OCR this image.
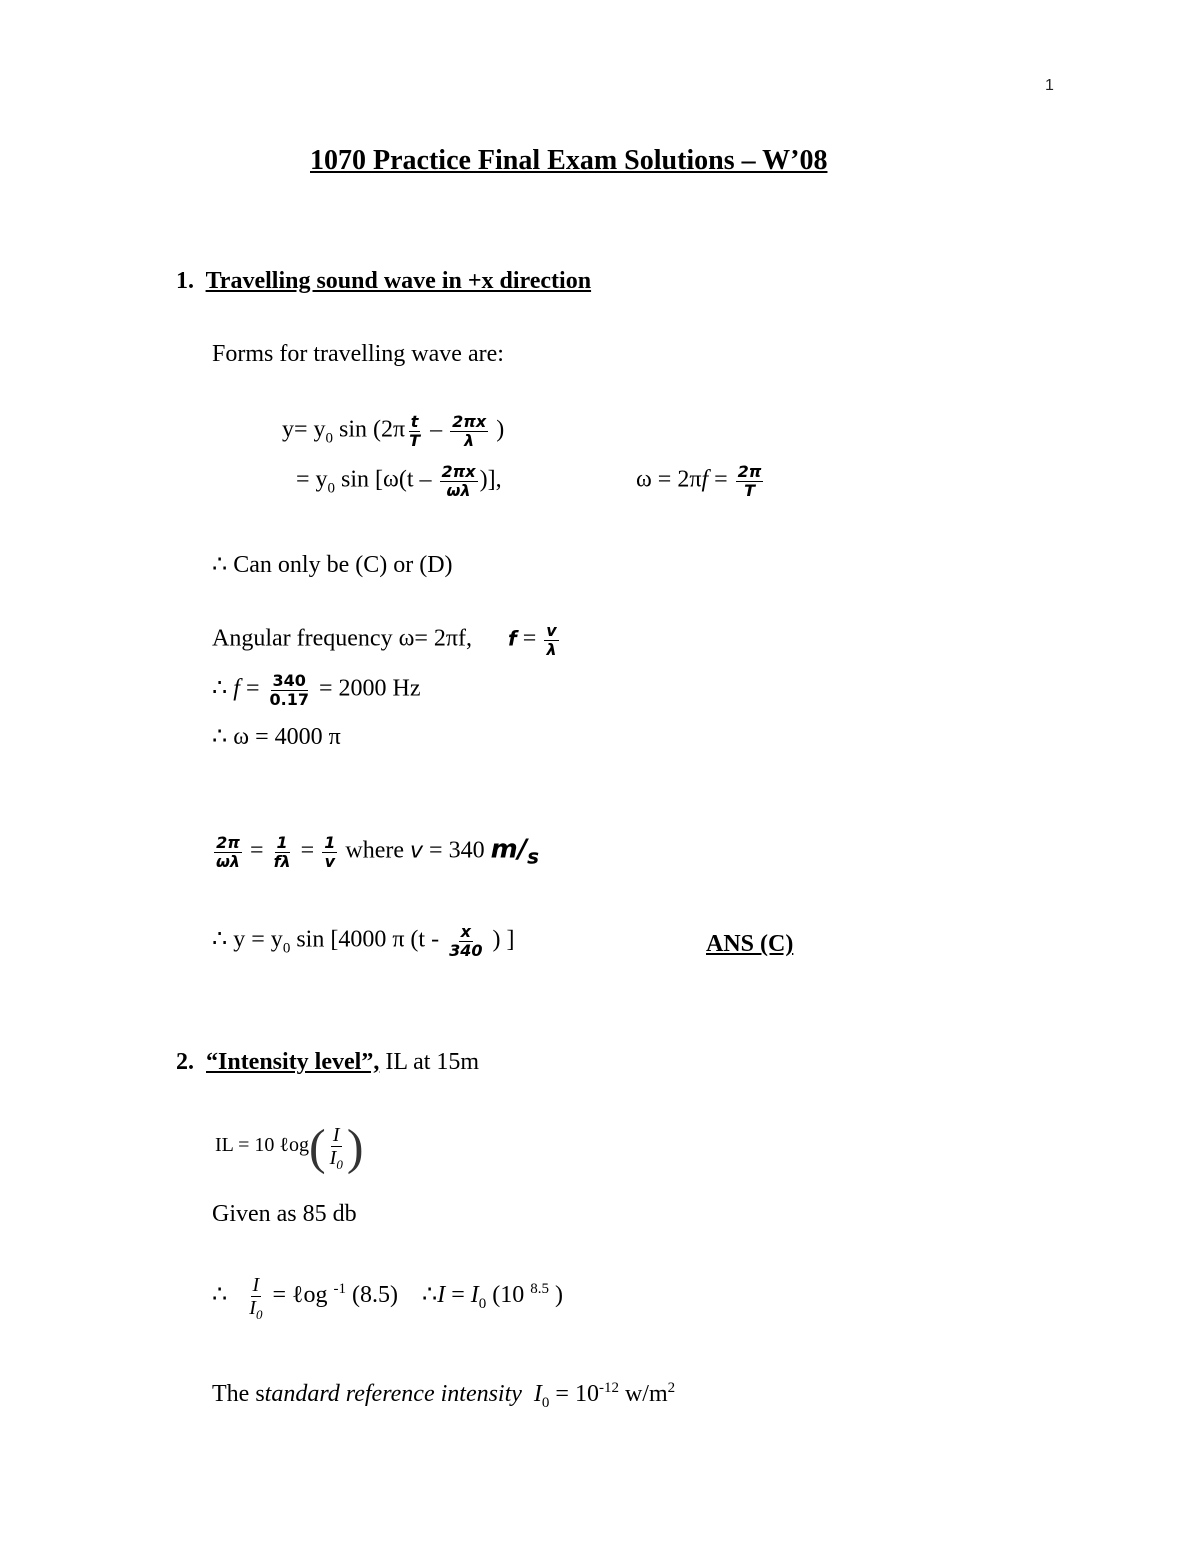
1
1070 Practice Final Exam Solutions – W’08
1. Travelling sound wave in +x direction
Forms for travelling wave are:
$y= y_0$ $\sin (2\pi \frac{t}{T} - \frac{2\pi x}{\lambda}$ )
= $y_0$ $\sin [\omega(t - \frac{2\pi x}{\omega\lambda}$ )],	$\omega = 2\pi f = \frac{2\pi}{T}$
∴ Can only be (C) or (D)
Angular frequency ω= 2πf, $f = \frac{v}{\lambda}$
∴ $f = \frac{340}{0.17} = 2000$ Hz
∴ ω = 4000 π
$\frac{2\pi}{\omega\lambda} = \frac{1}{f\lambda} = \frac{1}{v}$ where v = 340 $m/_s$
∴ $y = y_0$ sin [4000 π ($t - \frac{x}{340}$ ) ]	ANS (C)
2. “Intensity level”, IL at 15m
IL = 10 ℓog( $\frac{I}{I_0}$ )
Given as 85 db
∴ $\frac{I}{I_0}$ = ℓog $^{-1}$ (8.5) ∴I = $I_0$ (10 $^{8.5}$ )
The standard reference intensity $I_0 = 10^{-12}$ $w/m^2$
